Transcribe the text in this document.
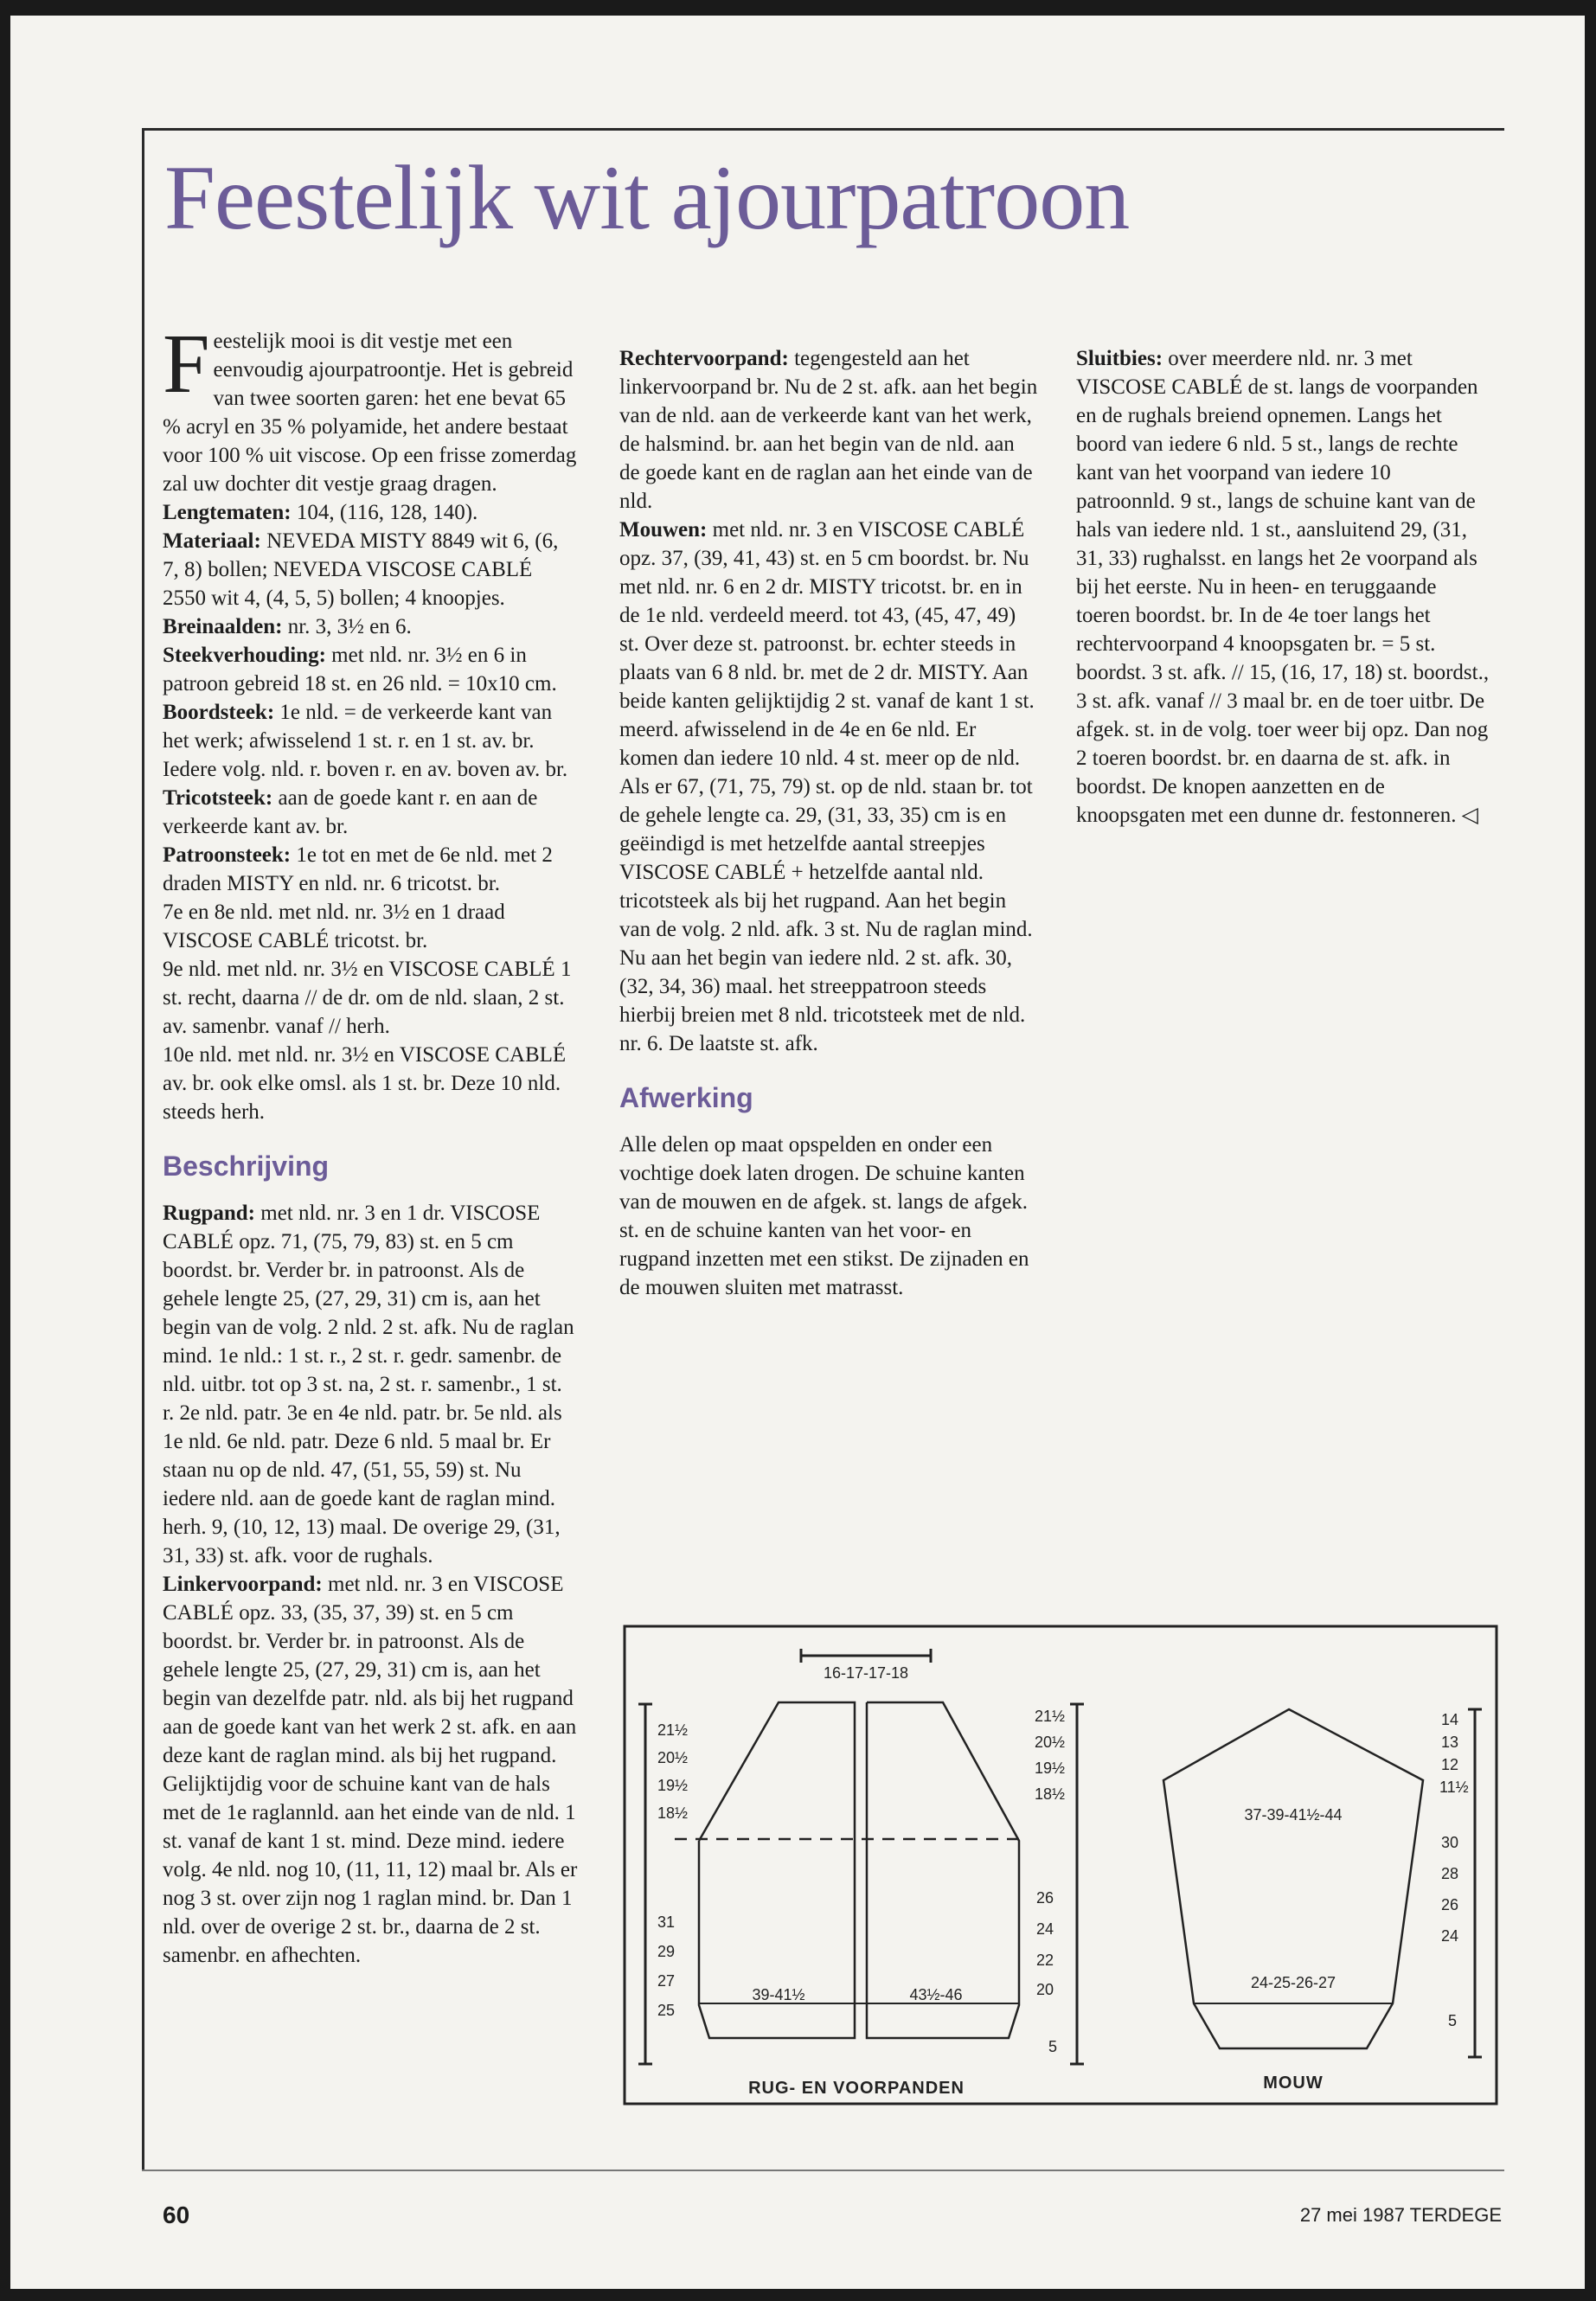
Feestelijk wit ajourpatroon

Feestelijk mooi is dit vestje met een eenvoudig ajourpatroontje. Het is gebreid van twee soorten garen: het ene bevat 65 % acryl en 35 % polyamide, het andere bestaat voor 100 % uit viscose. Op een frisse zomerdag zal uw dochter dit vestje graag dragen.

Lengtematen: 104, (116, 128, 140).

Materiaal: NEVEDA MISTY 8849 wit 6, (6, 7, 8) bollen; NEVEDA VISCOSE CABLÉ 2550 wit 4, (4, 5, 5) bollen; 4 knoopjes.

Breinaalden: nr. 3, 3½ en 6.

Steekverhouding: met nld. nr. 3½ en 6 in patroon gebreid 18 st. en 26 nld. = 10x10 cm.

Boordsteek: 1e nld. = de verkeerde kant van het werk; afwisselend 1 st. r. en 1 st. av. br. Iedere volg. nld. r. boven r. en av. boven av. br.

Tricotsteek: aan de goede kant r. en aan de verkeerde kant av. br.

Patroonsteek: 1e tot en met de 6e nld. met 2 draden MISTY en nld. nr. 6 tricotst. br.

7e en 8e nld. met nld. nr. 3½ en 1 draad VISCOSE CABLÉ tricotst. br.

9e nld. met nld. nr. 3½ en VISCOSE CABLÉ 1 st. recht, daarna // de dr. om de nld. slaan, 2 st. av. samenbr. vanaf // herh.

10e nld. met nld. nr. 3½ en VISCOSE CABLÉ av. br. ook elke omsl. als 1 st. br. Deze 10 nld. steeds herh.

Beschrijving

Rugpand: met nld. nr. 3 en 1 dr. VISCOSE CABLÉ opz. 71, (75, 79, 83) st. en 5 cm boordst. br. Verder br. in patroonst. Als de gehele lengte 25, (27, 29, 31) cm is, aan het begin van de volg. 2 nld. 2 st. afk. Nu de raglan mind. 1e nld.: 1 st. r., 2 st. r. gedr. samenbr. de nld. uitbr. tot op 3 st. na, 2 st. r. samenbr., 1 st. r. 2e nld. patr. 3e en 4e nld. patr. br. 5e nld. als 1e nld. 6e nld. patr. Deze 6 nld. 5 maal br. Er staan nu op de nld. 47, (51, 55, 59) st. Nu iedere nld. aan de goede kant de raglan mind. herh. 9, (10, 12, 13) maal. De overige 29, (31, 31, 33) st. afk. voor de rughals.

Linkervoorpand: met nld. nr. 3 en VISCOSE CABLÉ opz. 33, (35, 37, 39) st. en 5 cm boordst. br. Verder br. in patroonst. Als de gehele lengte 25, (27, 29, 31) cm is, aan het begin van dezelfde patr. nld. als bij het rugpand aan de goede kant van het werk 2 st. afk. en aan deze kant de raglan mind. als bij het rugpand. Gelijktijdig voor de schuine kant van de hals met de 1e raglannld. aan het einde van de nld. 1 st. vanaf de kant 1 st. mind. Deze mind. iedere volg. 4e nld. nog 10, (11, 11, 12) maal br. Als er nog 3 st. over zijn nog 1 raglan mind. br. Dan 1 nld. over de overige 2 st. br., daarna de 2 st. samenbr. en afhechten.

Rechtervoorpand: tegengesteld aan het linkervoorpand br. Nu de 2 st. afk. aan het begin van de nld. aan de verkeerde kant van het werk, de halsmind. br. aan het begin van de nld. aan de goede kant en de raglan aan het einde van de nld.

Mouwen: met nld. nr. 3 en VISCOSE CABLÉ opz. 37, (39, 41, 43) st. en 5 cm boordst. br. Nu met nld. nr. 6 en 2 dr. MISTY tricotst. br. en in de 1e nld. verdeeld meerd. tot 43, (45, 47, 49) st. Over deze st. patroonst. br. echter steeds in plaats van 6 8 nld. br. met de 2 dr. MISTY. Aan beide kanten gelijktijdig 2 st. vanaf de kant 1 st. meerd. afwisselend in de 4e en 6e nld. Er komen dan iedere 10 nld. 4 st. meer op de nld. Als er 67, (71, 75, 79) st. op de nld. staan br. tot de gehele lengte ca. 29, (31, 33, 35) cm is en geëindigd is met hetzelfde aantal streepjes VISCOSE CABLÉ + hetzelfde aantal nld. tricotsteek als bij het rugpand. Aan het begin van de volg. 2 nld. afk. 3 st. Nu de raglan mind. Nu aan het begin van iedere nld. 2 st. afk. 30, (32, 34, 36) maal. het streeppatroon steeds hierbij breien met 8 nld. tricotsteek met de nld. nr. 6. De laatste st. afk.

Afwerking

Alle delen op maat opspelden en onder een vochtige doek laten drogen. De schuine kanten van de mouwen en de afgek. st. langs de afgek. st. en de schuine kanten van het voor- en rugpand inzetten met een stikst. De zijnaden en de mouwen sluiten met matrasst.

Sluitbies: over meerdere nld. nr. 3 met VISCOSE CABLÉ de st. langs de voorpanden en de rughals breiend opnemen. Langs het boord van iedere 6 nld. 5 st., langs de rechte kant van het voorpand van iedere 10 patroonnld. 9 st., langs de schuine kant van de hals van iedere nld. 1 st., aansluitend 29, (31, 31, 33) rughalsst. en langs het 2e voorpand als bij het eerste. Nu in heen- en teruggaande toeren boordst. br. In de 4e toer langs het rechtervoorpand 4 knoopsgaten br. = 5 st. boordst. 3 st. afk. // 15, (16, 17, 18) st. boordst., 3 st. afk. vanaf // 3 maal br. en de toer uitbr. De afgek. st. in de volg. toer weer bij opz. Dan nog 2 toeren boordst. br. en daarna de st. afk. in boordst. De knopen aanzetten en de knoopsgaten met een dunne dr. festonneren. ◁

16-17-17-18
21½
20½
19½
18½
31
29
27
25
21½
20½
19½
18½
26
24
22
20
5
39-41½	43½-46
RUG- EN VOORPANDEN
37-39-41½-44
24-25-26-27
MOUW
14
13
12
11½
30
28
26
24
5
60	27 mei 1987 TERDEGE
